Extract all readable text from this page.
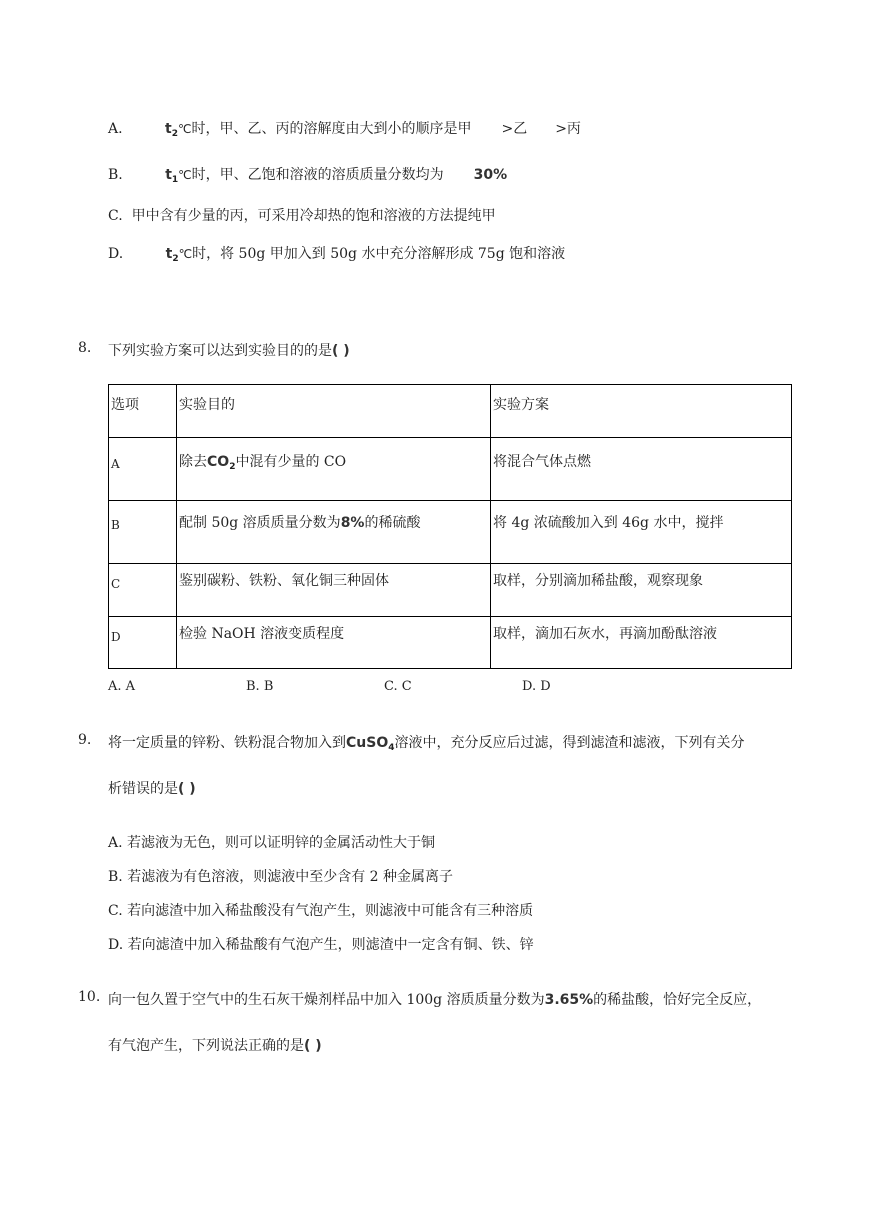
A.	$t_2℃$时，甲、乙、丙的溶解度由大到小的顺序是甲 >乙 >丙
B.	$t_1℃$时，甲、乙饱和溶液的溶质质量分数均为 30%
C. 甲中含有少量的丙，可采用冷却热的饱和溶液的方法提纯甲
D.	$t_2℃$时，将 50g 甲加入到 50g 水中充分溶解形成 75g 饱和溶液
8. 下列实验方案可以达到实验目的的是( )
选项	实验目的	实验方案
A	除去$CO_2$中混有少量的 CO	将混合气体点燃
B	配制 50g 溶质质量分数为8%的稀硫酸	将 4g 浓硫酸加入到 46g 水中，搅拌
C	鉴别碳粉、铁粉、氧化铜三种固体	取样，分别滴加稀盐酸，观察现象
D	检验 NaOH 溶液变质程度	取样，滴加石灰水，再滴加酚酞溶液
A. A	B. B	C. C	D. D
9. 将一定质量的锌粉、铁粉混合物加入到CuSO$_4$溶液中，充分反应后过滤，得到滤渣和滤液，下列有关分
析错误的是( )
A. 若滤液为无色，则可以证明锌的金属活动性大于铜
B. 若滤液为有色溶液，则滤液中至少含有 2 种金属离子
C. 若向滤渣中加入稀盐酸没有气泡产生，则滤液中可能含有三种溶质
D. 若向滤渣中加入稀盐酸有气泡产生，则滤渣中一定含有铜、铁、锌
10. 向一包久置于空气中的生石灰干燥剂样品中加入 100g 溶质质量分数为3.65%的稀盐酸，恰好完全反应，
有气泡产生，下列说法正确的是( )
